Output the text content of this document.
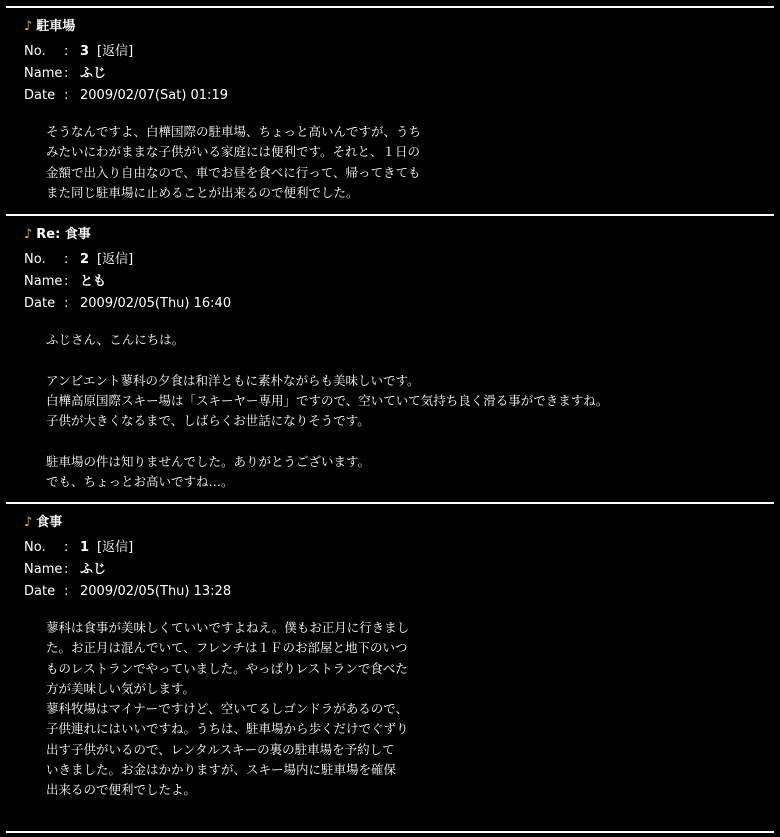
♪ 駐車場
No. : 3 [返信]
Name : ふじ
Date : 2009/02/07(Sat) 01:19
そうなんですよ、白樺国際の駐車場、ちょっと高いんですが、うち
みたいにわがままな子供がいる家庭には便利です。それと、１日の
金額で出入り自由なので、車でお昼を食べに行って、帰ってきても
また同じ駐車場に止めることが出来るので便利でした。
♪ Re: 食事
No. : 2 [返信]
Name : とも
Date : 2009/02/05(Thu) 16:40
ふじさん、こんにちは。

アンビエント蓼科の夕食は和洋ともに素朴ながらも美味しいです。
白樺高原国際スキー場は「スキーヤー専用」ですので、空いていて気持ち良く滑る事ができますね。
子供が大きくなるまで、しばらくお世話になりそうです。

駐車場の件は知りませんでした。ありがとうございます。
でも、ちょっとお高いですね…。
♪ 食事
No. : 1 [返信]
Name : ふじ
Date : 2009/02/05(Thu) 13:28
蓼科は食事が美味しくていいですよねえ。僕もお正月に行きまし
た。お正月は混んでいて、フレンチは１Ｆのお部屋と地下のいつ
ものレストランでやっていました。やっぱりレストランで食べた
方が美味しい気がします。
蓼科牧場はマイナーですけど、空いてるしゴンドラがあるので、
子供連れにはいいですね。うちは、駐車場から歩くだけでぐずり
出す子供がいるので、レンタルスキーの裏の駐車場を予約して
いきました。お金はかかりますが、スキー場内に駐車場を確保
出来るので便利でしたよ。
